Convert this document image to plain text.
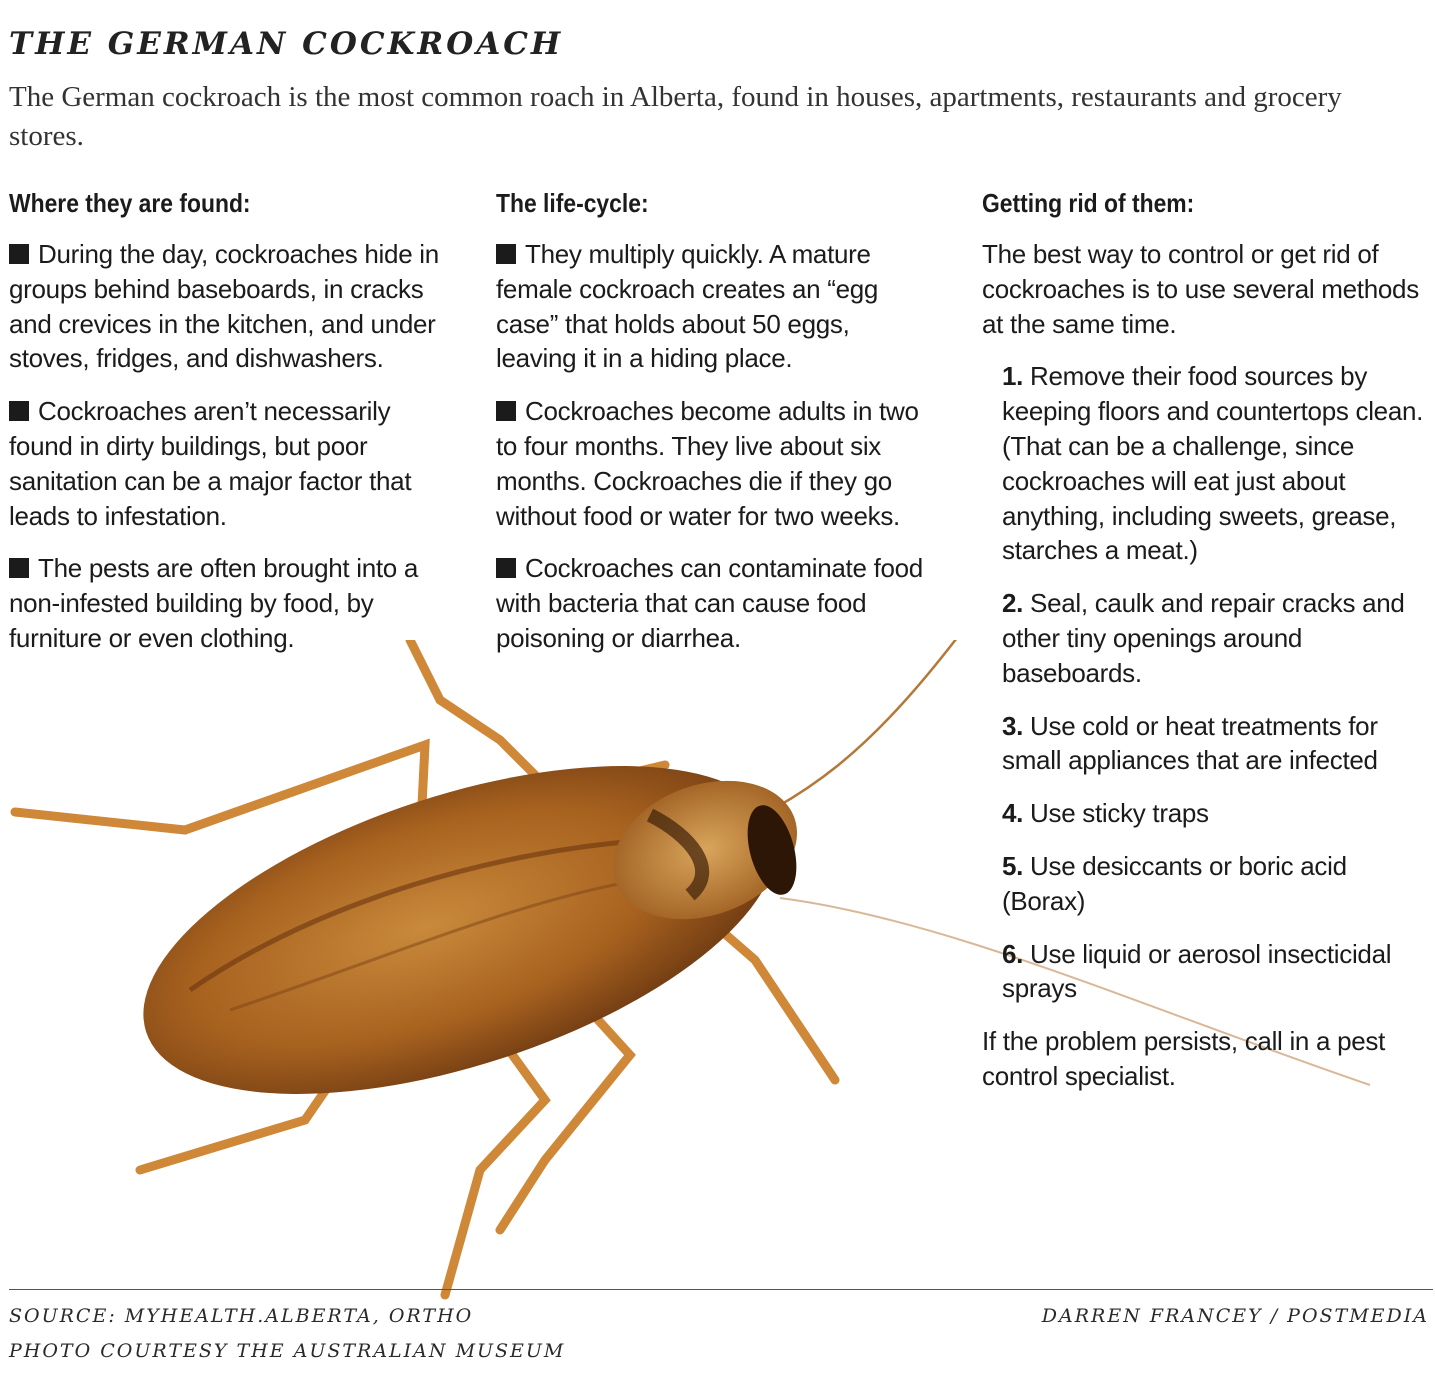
THE GERMAN COCKROACH
The German cockroach is the most common roach in Alberta, found in houses, apartments, restaurants and grocery stores.
Where they are found:

During the day, cockroaches hide in groups behind baseboards, in cracks and crevices in the kitchen, and under stoves, fridges, and dishwashers.

Cockroaches aren’t necessarily found in dirty buildings, but poor sanitation can be a major factor that leads to infestation.

The pests are often brought into a non-infested building by food, by furniture or even clothing.

The life-cycle:

They multiply quickly. A mature female cockroach creates an “egg case” that holds about 50 eggs, leaving it in a hiding place.

Cockroaches become adults in two to four months. They live about six months. Cockroaches die if they go without food or water for two weeks.

Cockroaches can contaminate food with bacteria that can cause food poisoning or diarrhea.

Getting rid of them:

The best way to control or get rid of cockroaches is to use several methods at the same time.

1. Remove their food sources by keeping floors and countertops clean. (That can be a challenge, since cockroaches will eat just about anything, including sweets, grease, starches a meat.)

2. Seal, caulk and repair cracks and other tiny openings around baseboards.

3. Use cold or heat treatments for small appliances that are infected

4. Use sticky traps

5. Use desiccants or boric acid (Borax)

6. Use liquid or aerosol insecticidal sprays

If the problem persists, call in a pest control specialist.

SOURCE: MYHEALTH.ALBERTA, ORTHO
PHOTO COURTESY THE AUSTRALIAN MUSEUM
DARREN FRANCEY / POSTMEDIA
